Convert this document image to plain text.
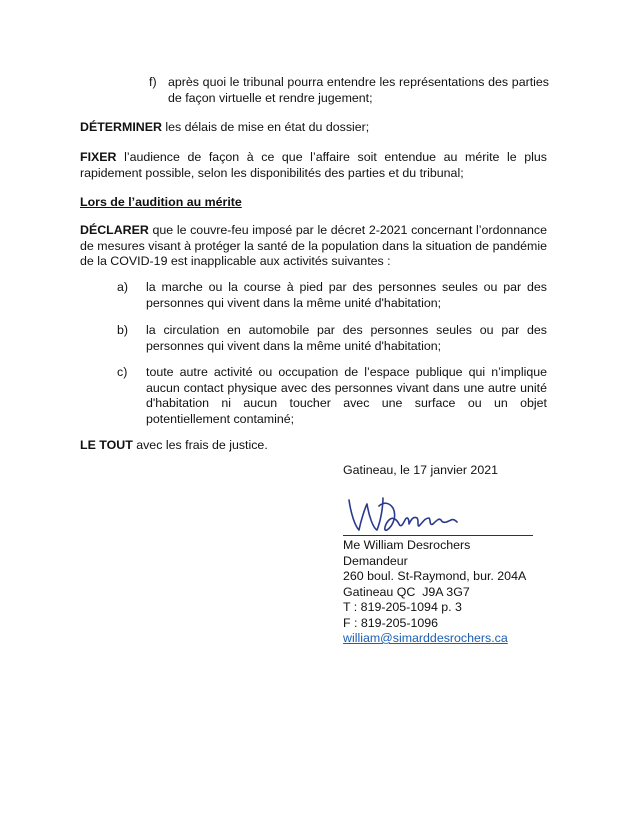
f) après quoi le tribunal pourra entendre les représentations des parties de façon virtuelle et rendre jugement;

DÉTERMINER les délais de mise en état du dossier;

FIXER l’audience de façon à ce que l’affaire soit entendue au mérite le plus rapidement possible, selon les disponibilités des parties et du tribunal;

Lors de l’audition au mérite

DÉCLARER que le couvre-feu imposé par le décret 2-2021 concernant l’ordonnance de mesures visant à protéger la santé de la population dans la situation de pandémie de la COVID-19 est inapplicable aux activités suivantes :

a) la marche ou la course à pied par des personnes seules ou par des personnes qui vivent dans la même unité d'habitation;
b) la circulation en automobile par des personnes seules ou par des personnes qui vivent dans la même unité d'habitation;
c) toute autre activité ou occupation de l’espace publique qui n’implique aucun contact physique avec des personnes vivant dans une autre unité d'habitation ni aucun toucher avec une surface ou un objet potentiellement contaminé;

LE TOUT avec les frais de justice.

Gatineau, le 17 janvier 2021
Me William Desrochers
Demandeur
260 boul. St-Raymond, bur. 204A
Gatineau QC  J9A 3G7
T : 819-205-1094 p. 3
F : 819-205-1096
william@simarddesrochers.ca
